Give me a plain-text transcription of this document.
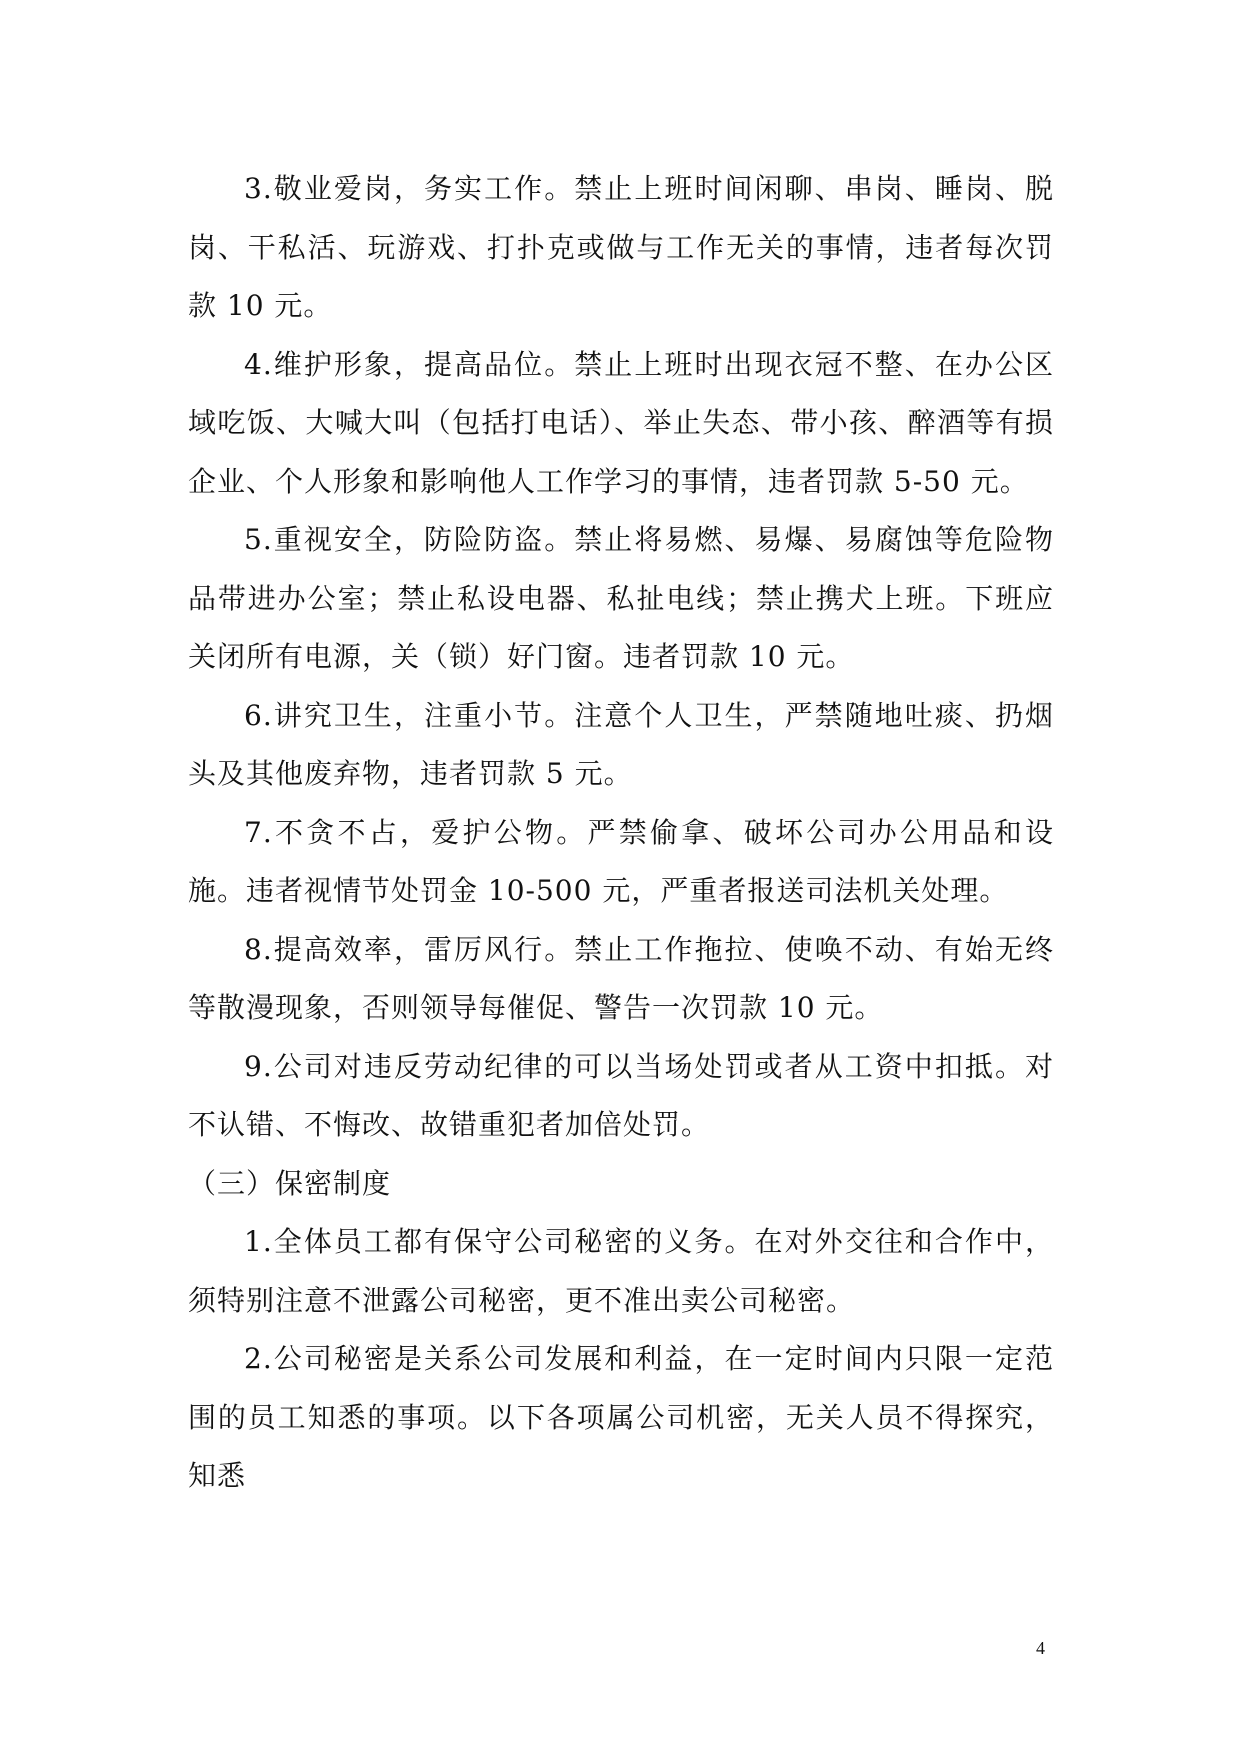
3.敬业爱岗，务实工作。禁止上班时间闲聊、串岗、睡岗、脱岗、干私活、玩游戏、打扑克或做与工作无关的事情，违者每次罚款 10 元。

4.维护形象，提高品位。禁止上班时出现衣冠不整、在办公区域吃饭、大喊大叫（包括打电话）、举止失态、带小孩、醉酒等有损企业、个人形象和影响他人工作学习的事情，违者罚款 5-50 元。

5.重视安全，防险防盗。禁止将易燃、易爆、易腐蚀等危险物品带进办公室；禁止私设电器、私扯电线；禁止携犬上班。下班应关闭所有电源，关（锁）好门窗。违者罚款 10 元。

6.讲究卫生，注重小节。注意个人卫生，严禁随地吐痰、扔烟头及其他废弃物，违者罚款 5 元。

7.不贪不占，爱护公物。严禁偷拿、破坏公司办公用品和设施。违者视情节处罚金 10-500 元，严重者报送司法机关处理。

8.提高效率，雷厉风行。禁止工作拖拉、使唤不动、有始无终等散漫现象，否则领导每催促、警告一次罚款 10 元。

9.公司对违反劳动纪律的可以当场处罚或者从工资中扣抵。对不认错、不悔改、故错重犯者加倍处罚。

（三）保密制度

1.全体员工都有保守公司秘密的义务。在对外交往和合作中，须特别注意不泄露公司秘密，更不准出卖公司秘密。

2.公司秘密是关系公司发展和利益，在一定时间内只限一定范围的员工知悉的事项。以下各项属公司机密，无关人员不得探究，知悉

4
